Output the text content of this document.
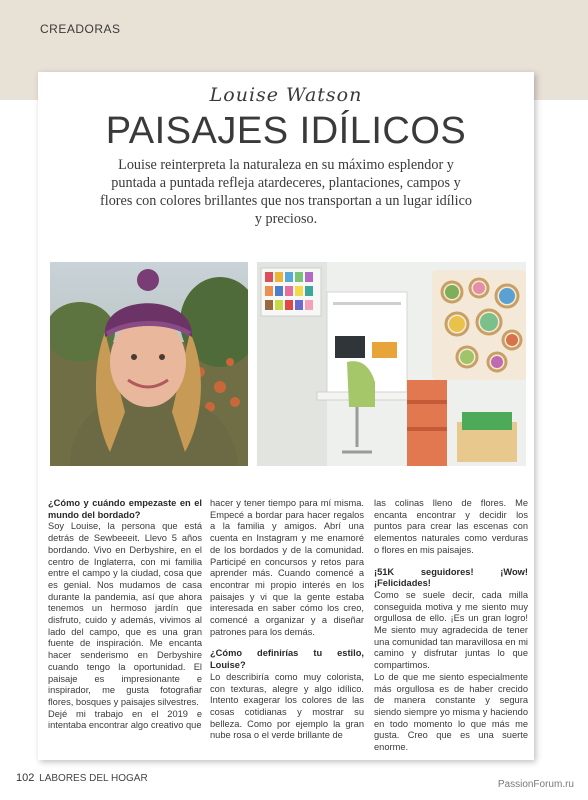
CREADORAS
Louise Watson
PAISAJES IDÍLICOS
Louise reinterpreta la naturaleza en su máximo esplendor y puntada a puntada refleja atardeceres, plantaciones, campos y flores con colores brillantes que nos transportan a un lugar idílico y precioso.

¿Cómo y cuándo empezaste en el mundo del bordado?

Soy Louise, la persona que está detrás de Sewbeeeit. Llevo 5 años bordando. Vivo en Derbyshire, en el centro de Inglaterra, con mi familia entre el campo y la ciudad, cosa que es genial. Nos mudamos de casa durante la pandemia, así que ahora tenemos un hermoso jardín que disfruto, cuido y además, vivimos al lado del campo, que es una gran fuente de inspiración. Me encanta hacer senderismo en Derbyshire cuando tengo la oportunidad. El paisaje es impresionante e inspirador, me gusta fotografiar flores, bosques y paisajes silvestres.

Dejé mi trabajo en el 2019 e intentaba encontrar algo creativo que

hacer y tener tiempo para mí misma. Empecé a bordar para hacer regalos a la familia y amigos. Abrí una cuenta en Instagram y me enamoré de los bordados y de la comunidad. Participé en concursos y retos para aprender más. Cuando comencé a encontrar mi propio interés en los paisajes y vi que la gente estaba interesada en saber cómo los creo, comencé a organizar y a diseñar patrones para los demás.

¿Cómo definirías tu estilo, Louise?

Lo describiría como muy colorista, con texturas, alegre y algo idílico. Intento exagerar los colores de las cosas cotidianas y mostrar su belleza. Como por ejemplo la gran nube rosa o el verde brillante de

las colinas lleno de flores. Me encanta encontrar y decidir los puntos para crear las escenas con elementos naturales como verduras o flores en mis paisajes.

¡51K seguidores! ¡Wow! ¡Felicidades!

Como se suele decir, cada milla conseguida motiva y me siento muy orgullosa de ello. ¡Es un gran logro! Me siento muy agradecida de tener una comunidad tan maravillosa en mi camino y disfrutar juntas lo que compartimos.

Lo de que me siento especialmente más orgullosa es de haber crecido de manera constante y segura siendo siempre yo misma y haciendo en todo momento lo que más me gusta. Creo que es una suerte enorme.

102 LABORES DEL HOGAR
PassionForum.ru
